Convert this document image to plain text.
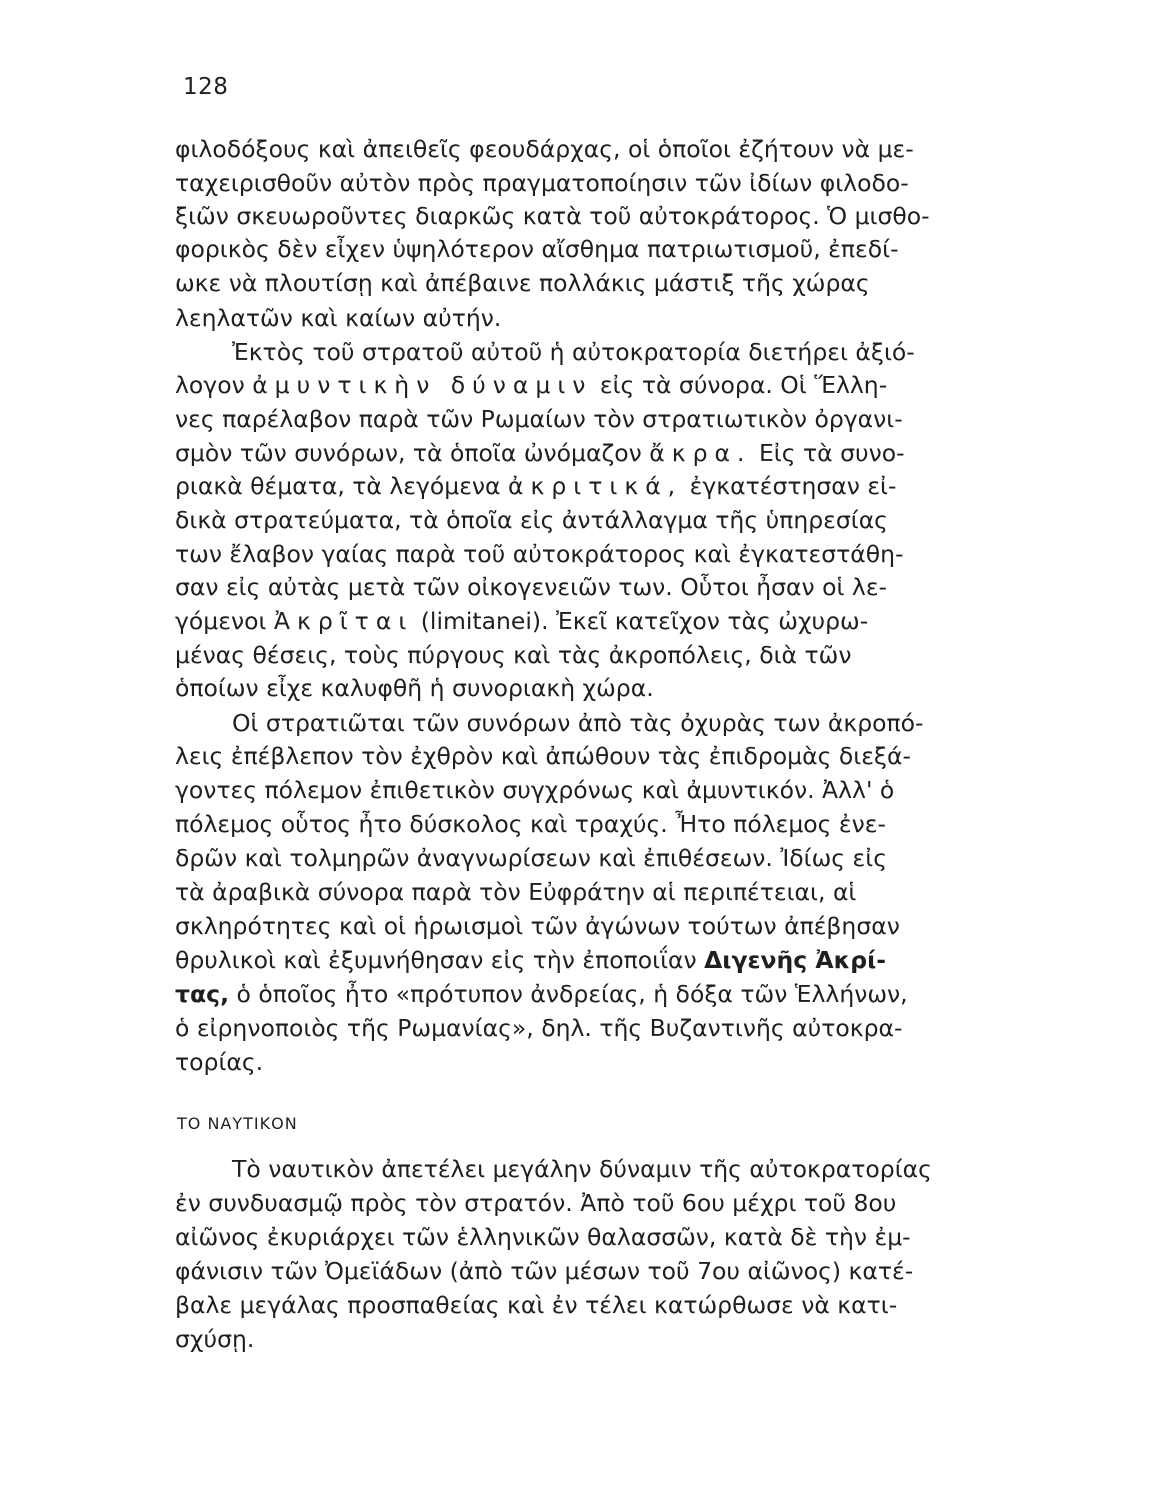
128
φιλοδόξους καὶ ἀπειθεῖς φεουδάρχας, οἱ ὁποῖοι ἐζήτουν νὰ με-
ταχειρισθοῦν αὐτὸν πρὸς πραγματοποίησιν τῶν ἰδίων φιλοδο-
ξιῶν σκευωροῦντες διαρκῶς κατὰ τοῦ αὐτοκράτορος. Ὁ μισθο-
φορικὸς δὲν εἶχεν ὑψηλότερον αἴσθημα πατριωτισμοῦ, ἐπεδί-
ωκε νὰ πλουτίσῃ καὶ ἀπέβαινε πολλάκις μάστιξ τῆς χώρας
λεηλατῶν καὶ καίων αὐτήν.
Ἐκτὸς τοῦ στρατοῦ αὐτοῦ ἡ αὐτοκρατορία διετήρει ἀξιό-
λογον ἀμυντικὴν δύναμιν εἰς τὰ σύνορα. Οἱ Ἕλλη-
νες παρέλαβον παρὰ τῶν Ρωμαίων τὸν στρατιωτικὸν ὀργανι-
σμὸν τῶν συνόρων, τὰ ὁποῖα ὠνόμαζον ἄκρα. Εἰς τὰ συνο-
ριακὰ θέματα, τὰ λεγόμενα ἀκριτικά, ἐγκατέστησαν εἰ-
δικὰ στρατεύματα, τὰ ὁποῖα εἰς ἀντάλλαγμα τῆς ὑπηρεσίας
των ἔλαβον γαίας παρὰ τοῦ αὐτοκράτορος καὶ ἐγκατεστάθη-
σαν εἰς αὐτὰς μετὰ τῶν οἰκογενειῶν των. Οὗτοι ἦσαν οἱ λε-
γόμενοι Ἀκρῖται (limitanei). Ἐκεῖ κατεῖχον τὰς ὠχυρω-
μένας θέσεις, τοὺς πύργους καὶ τὰς ἀκροπόλεις, διὰ τῶν
ὁποίων εἶχε καλυφθῆ ἡ συνοριακὴ χώρα.
Οἱ στρατιῶται τῶν συνόρων ἀπὸ τὰς ὀχυρὰς των ἀκροπό-
λεις ἐπέβλεπον τὸν ἐχθρὸν καὶ ἀπώθουν τὰς ἐπιδρομὰς διεξά-
γοντες πόλεμον ἐπιθετικὸν συγχρόνως καὶ ἀμυντικόν. Ἀλλ' ὁ
πόλεμος οὗτος ἦτο δύσκολος καὶ τραχύς. Ἦτο πόλεμος ἐνε-
δρῶν καὶ τολμηρῶν ἀναγνωρίσεων καὶ ἐπιθέσεων. Ἰδίως εἰς
τὰ ἀραβικὰ σύνορα παρὰ τὸν Εὐφράτην αἱ περιπέτειαι, αἱ
σκληρότητες καὶ οἱ ἡρωισμοὶ τῶν ἀγώνων τούτων ἀπέβησαν
θρυλικοὶ καὶ ἐξυμνήθησαν εἰς τὴν ἐποποιΐαν Διγενῆς Ἀκρί-
τας, ὁ ὁποῖος ἦτο «πρότυπον ἀνδρείας, ἡ δόξα τῶν Ἑλλήνων,
ὁ εἰρηνοποιὸς τῆς Ρωμανίας», δηλ. τῆς Βυζαντινῆς αὐτοκρα-
τορίας.
ΤΟ ΝΑΥΤΙΚΟΝ
Τὸ ναυτικὸν ἀπετέλει μεγάλην δύναμιν τῆς αὐτοκρατορίας
ἐν συνδυασμῷ πρὸς τὸν στρατόν. Ἀπὸ τοῦ 6ου μέχρι τοῦ 8ου
αἰῶνος ἐκυριάρχει τῶν ἑλληνικῶν θαλασσῶν, κατὰ δὲ τὴν ἐμ-
φάνισιν τῶν Ὀμεϊάδων (ἀπὸ τῶν μέσων τοῦ 7ου αἰῶνος) κατέ-
βαλε μεγάλας προσπαθείας καὶ ἐν τέλει κατώρθωσε νὰ κατι-
σχύσῃ.
